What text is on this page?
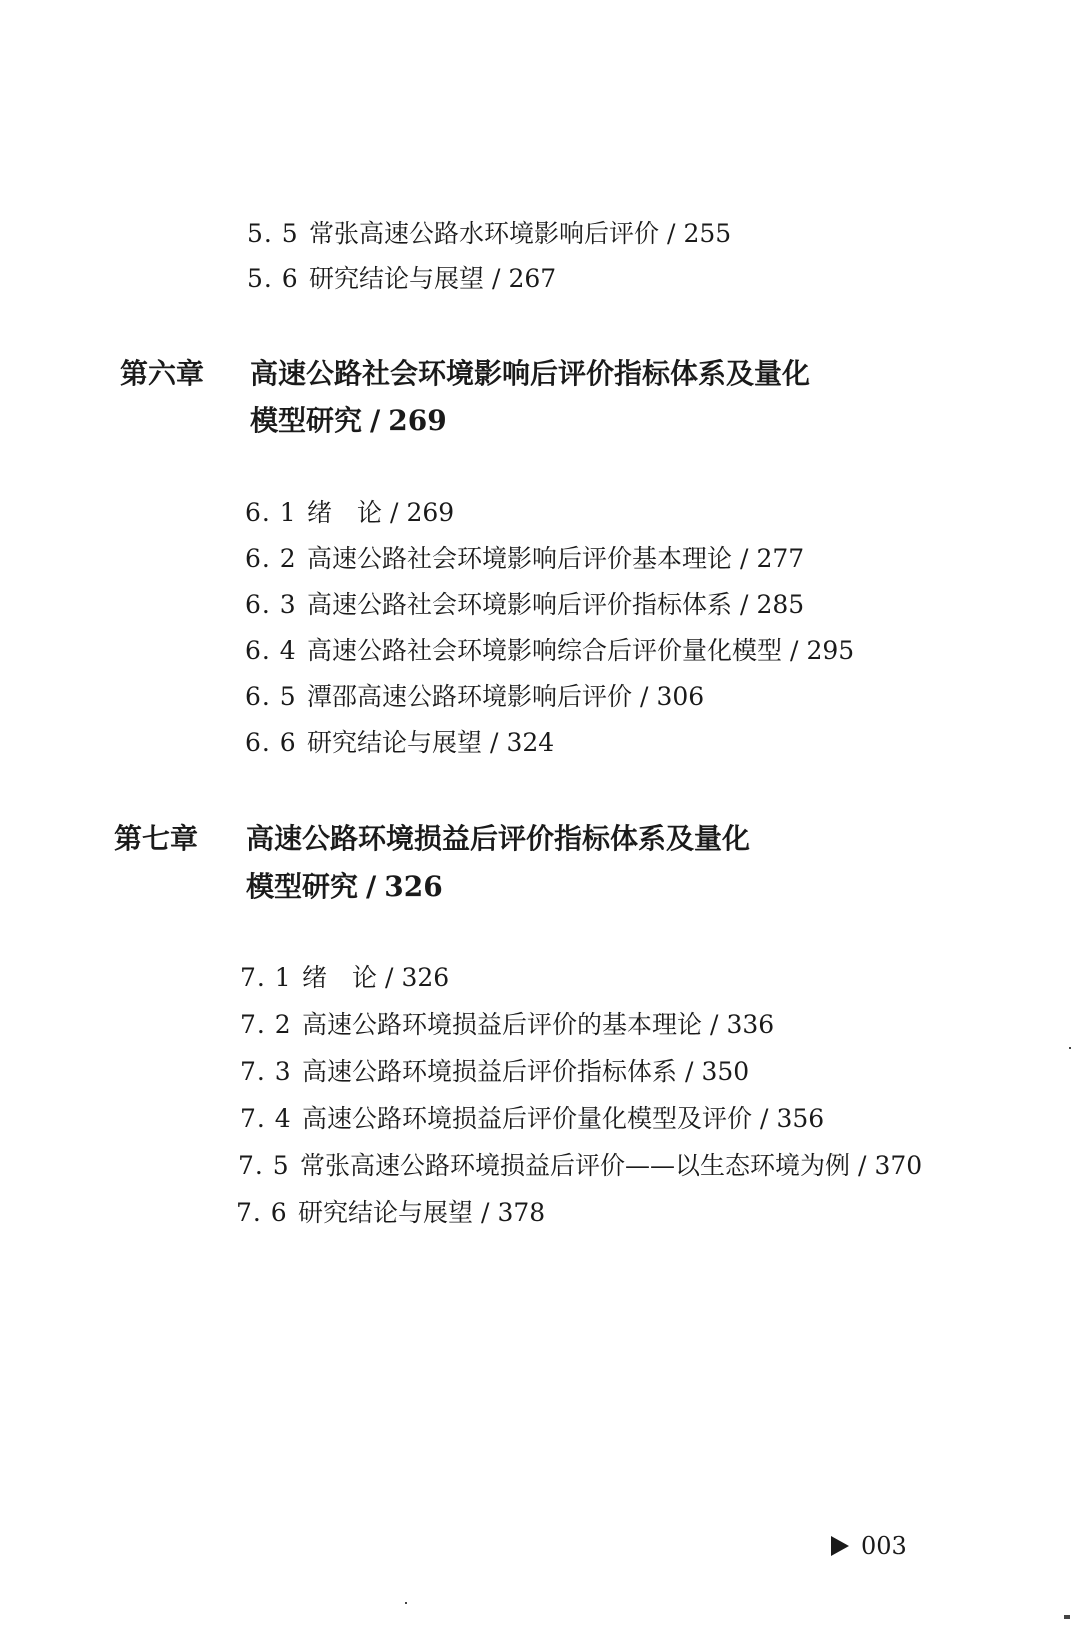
5. 5 常张高速公路水环境影响后评价 / 255
5. 6 研究结论与展望 / 267
第六章 高速公路社会环境影响后评价指标体系及量化
模型研究 / 269
6. 1 绪　论 / 269
6. 2 高速公路社会环境影响后评价基本理论 / 277
6. 3 高速公路社会环境影响后评价指标体系 / 285
6. 4 高速公路社会环境影响综合后评价量化模型 / 295
6. 5 潭邵高速公路环境影响后评价 / 306
6. 6 研究结论与展望 / 324
第七章 高速公路环境损益后评价指标体系及量化
模型研究 / 326
7. 1 绪　论 / 326
7. 2 高速公路环境损益后评价的基本理论 / 336
7. 3 高速公路环境损益后评价指标体系 / 350
7. 4 高速公路环境损益后评价量化模型及评价 / 356
7. 5 常张高速公路环境损益后评价——以生态环境为例 / 370
7. 6 研究结论与展望 / 378
003
